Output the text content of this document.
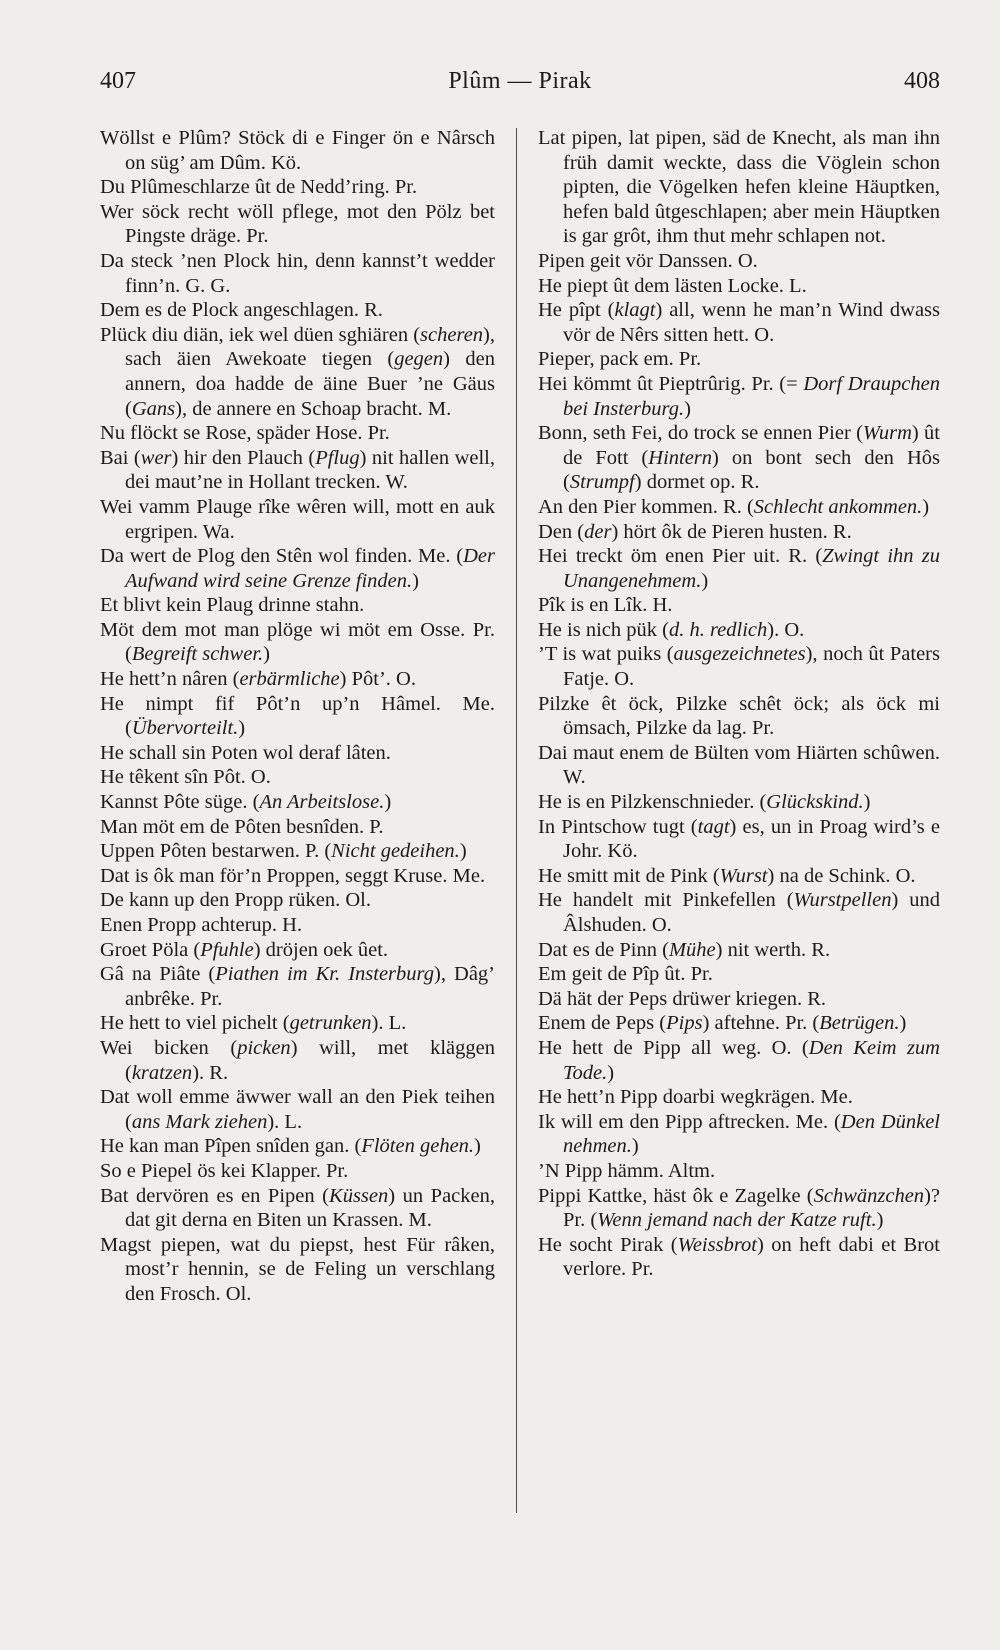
407	Plûm — Pirak	408

Wöllst e Plûm? Stöck di e Finger ön e Nârsch on süg’ am Dûm. Kö.

Du Plûmeschlarze ût de Nedd’ring. Pr.

Wer söck recht wöll pflege, mot den Pölz bet Pingste dräge. Pr.

Da steck ’nen Plock hin, denn kannst’t wedder finn’n. G. G.

Dem es de Plock angeschlagen. R.

Plück diu diän, iek wel düen sghiären (scheren), sach äien Awekoate tiegen (gegen) den annern, doa hadde de äine Buer ’ne Gäus (Gans), de annere en Schoap bracht. M.

Nu flöckt se Rose, späder Hose. Pr.

Bai (wer) hir den Plauch (Pflug) nit hallen well, dei maut’ne in Hollant trecken. W.

Wei vamm Plauge rîke wêren will, mott en auk ergripen. Wa.

Da wert de Plog den Stên wol finden. Me. (Der Aufwand wird seine Grenze finden.)

Et blivt kein Plaug drinne stahn.

Möt dem mot man plöge wi möt em Osse. Pr. (Begreift schwer.)

He hett’n nâren (erbärmliche) Pôt’. O.

He nimpt fif Pôt’n up’n Hâmel. Me. (Übervorteilt.)

He schall sin Poten wol deraf lâten.

He têkent sîn Pôt. O.

Kannst Pôte süge. (An Arbeitslose.)

Man möt em de Pôten besnîden. P.

Uppen Pôten bestarwen. P. (Nicht gedeihen.)

Dat is ôk man för’n Proppen, seggt Kruse. Me.

De kann up den Propp rüken. Ol.

Enen Propp achterup. H.

Groet Pöla (Pfuhle) dröjen oek ûet.

Gâ na Piâte (Piathen im Kr. Insterburg), Dâg’ anbrêke. Pr.

He hett to viel pichelt (getrunken). L.

Wei bicken (picken) will, met kläggen (kratzen). R.

Dat woll emme äwwer wall an den Piek teihen (ans Mark ziehen). L.

He kan man Pîpen snîden gan. (Flöten gehen.)

So e Piepel ös kei Klapper. Pr.

Bat dervören es en Pipen (Küssen) un Packen, dat git derna en Biten un Krassen. M.

Magst piepen, wat du piepst, hest Für râken, most’r hennin, se de Feling un verschlang den Frosch. Ol.

Lat pipen, lat pipen, säd de Knecht, als man ihn früh damit weckte, dass die Vöglein schon pipten, die Vögelken hefen kleine Häuptken, hefen bald ûtgeschlapen; aber mein Häuptken is gar grôt, ihm thut mehr schlapen not.

Pipen geit vör Danssen. O.

He piept ût dem lästen Locke. L.

He pîpt (klagt) all, wenn he man’n Wind dwass vör de Nêrs sitten hett. O.

Pieper, pack em. Pr.

Hei kömmt ût Pieptrûrig. Pr. (= Dorf Draupchen bei Insterburg.)

Bonn, seth Fei, do trock se ennen Pier (Wurm) ût de Fott (Hintern) on bont sech den Hôs (Strumpf) dormet op. R.

An den Pier kommen. R. (Schlecht ankommen.)

Den (der) hört ôk de Pieren husten. R.

Hei treckt öm enen Pier uit. R. (Zwingt ihn zu Unangenehmem.)

Pîk is en Lîk. H.

He is nich pük (d. h. redlich). O.

’T is wat puiks (ausgezeichnetes), noch ût Paters Fatje. O.

Pilzke êt öck, Pilzke schêt öck; als öck mi ömsach, Pilzke da lag. Pr.

Dai maut enem de Bülten vom Hiärten schûwen. W.

He is en Pilzkenschnieder. (Glückskind.)

In Pintschow tugt (tagt) es, un in Proag wird’s e Johr. Kö.

He smitt mit de Pink (Wurst) na de Schink. O.

He handelt mit Pinkefellen (Wurstpellen) und Âlshuden. O.

Dat es de Pinn (Mühe) nit werth. R.

Em geit de Pîp ût. Pr.

Dä hät der Peps drüwer kriegen. R.

Enem de Peps (Pips) aftehne. Pr. (Betrügen.)

He hett de Pipp all weg. O. (Den Keim zum Tode.)

He hett’n Pipp doarbi wegkrägen. Me.

Ik will em den Pipp aftrecken. Me. (Den Dünkel nehmen.)

’N Pipp hämm. Altm.

Pippi Kattke, häst ôk e Zagelke (Schwänzchen)? Pr. (Wenn jemand nach der Katze ruft.)

He socht Pirak (Weissbrot) on heft dabi et Brot verlore. Pr.
